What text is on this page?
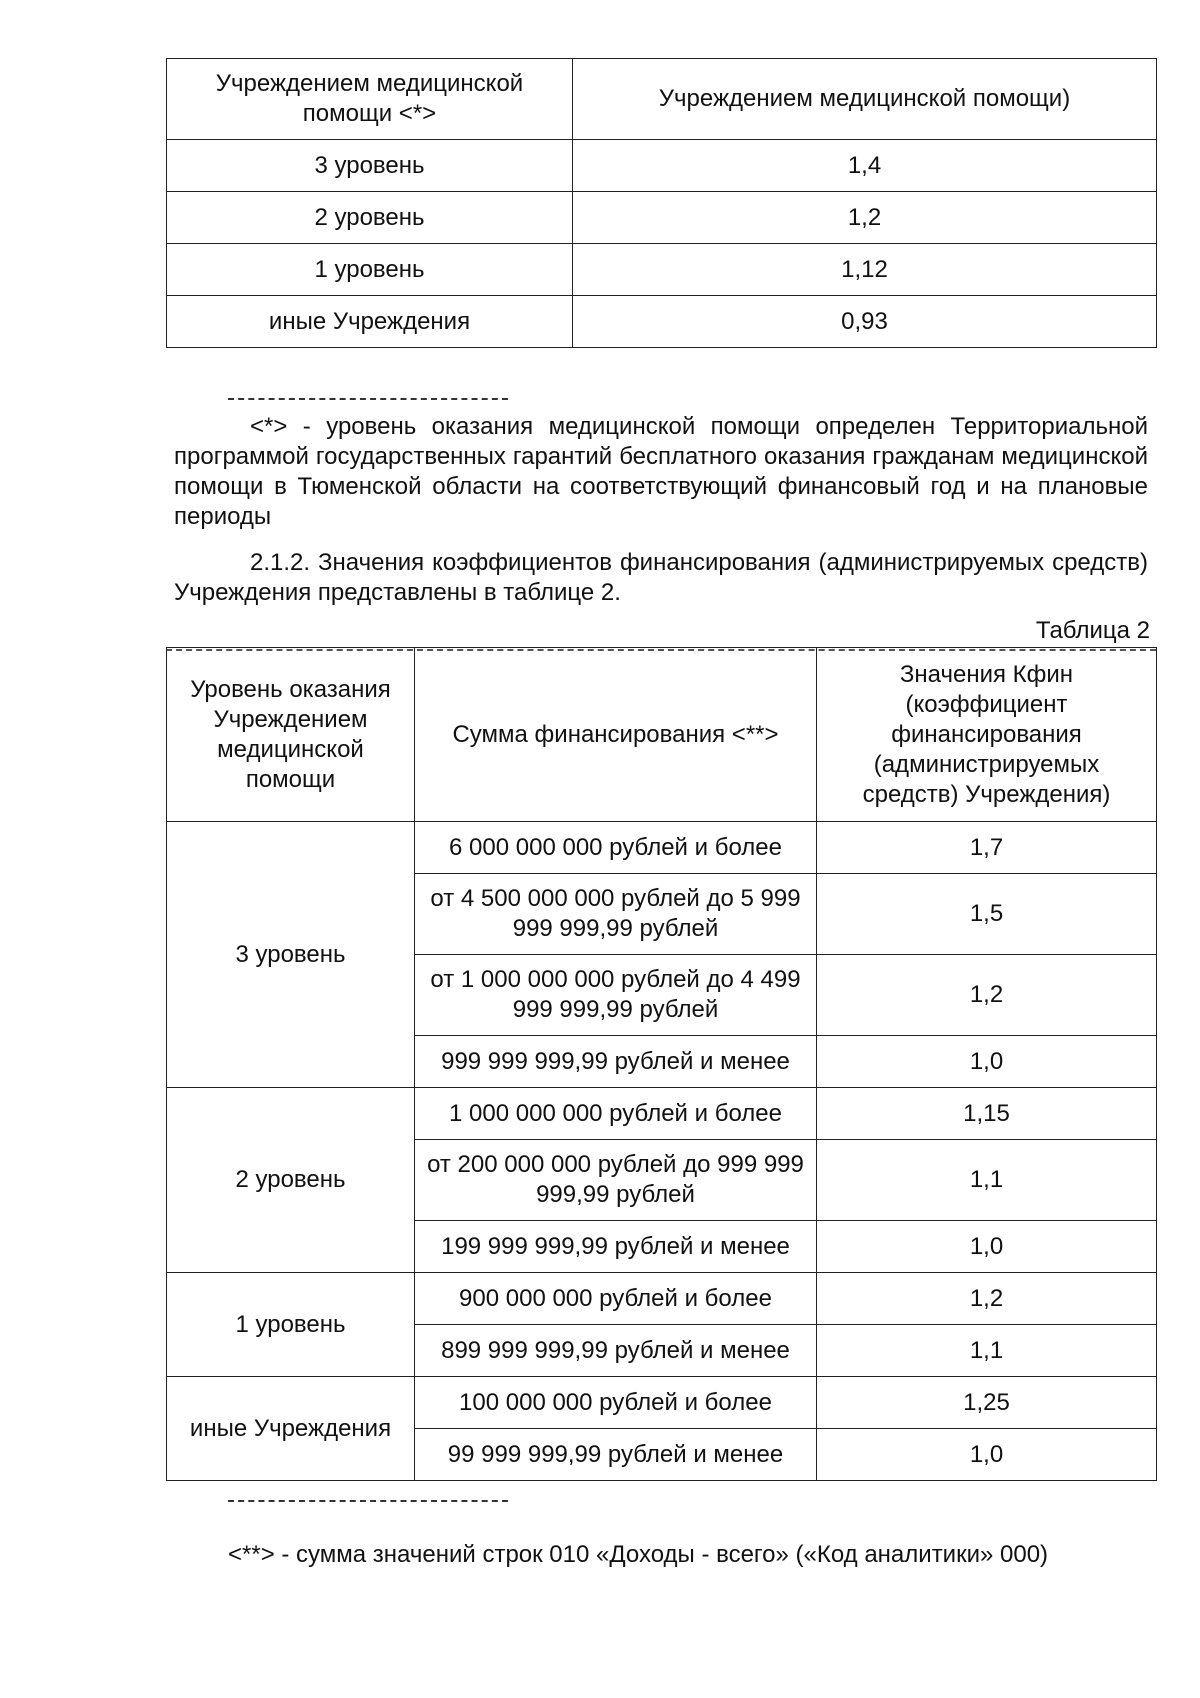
Учреждением медицинской помощи <*>	Учреждением медицинской помощи)
3 уровень	1,4
2 уровень	1,2
1 уровень	1,12
иные Учреждения	0,93

<*> - уровень оказания медицинской помощи определен Территориальной программой государственных гарантий бесплатного оказания гражданам медицинской помощи в Тюменской области на соответствующий финансовый год и на плановые периоды

2.1.2. Значения коэффициентов финансирования (администрируемых средств) Учреждения представлены в таблице 2.

Таблица 2
Уровень оказания Учреждением медицинской помощи	Сумма финансирования <**>	Значения Кфин (коэффициент финансирования (администрируемых средств) Учреждения)
3 уровень	6 000 000 000 рублей и более	1,7
	от 4 500 000 000 рублей до 5 999 999 999,99 рублей	1,5
	от 1 000 000 000 рублей до 4 499 999 999,99 рублей	1,2
	999 999 999,99 рублей и менее	1,0
2 уровень	1 000 000 000 рублей и более	1,15
	от 200 000 000 рублей до 999 999 999,99 рублей	1,1
	199 999 999,99 рублей и менее	1,0
1 уровень	900 000 000 рублей и более	1,2
	899 999 999,99 рублей и менее	1,1
иные Учреждения	100 000 000 рублей и более	1,25
	99 999 999,99 рублей и менее	1,0
<**> - сумма значений строк 010 «Доходы - всего» («Код аналитики» 000)
